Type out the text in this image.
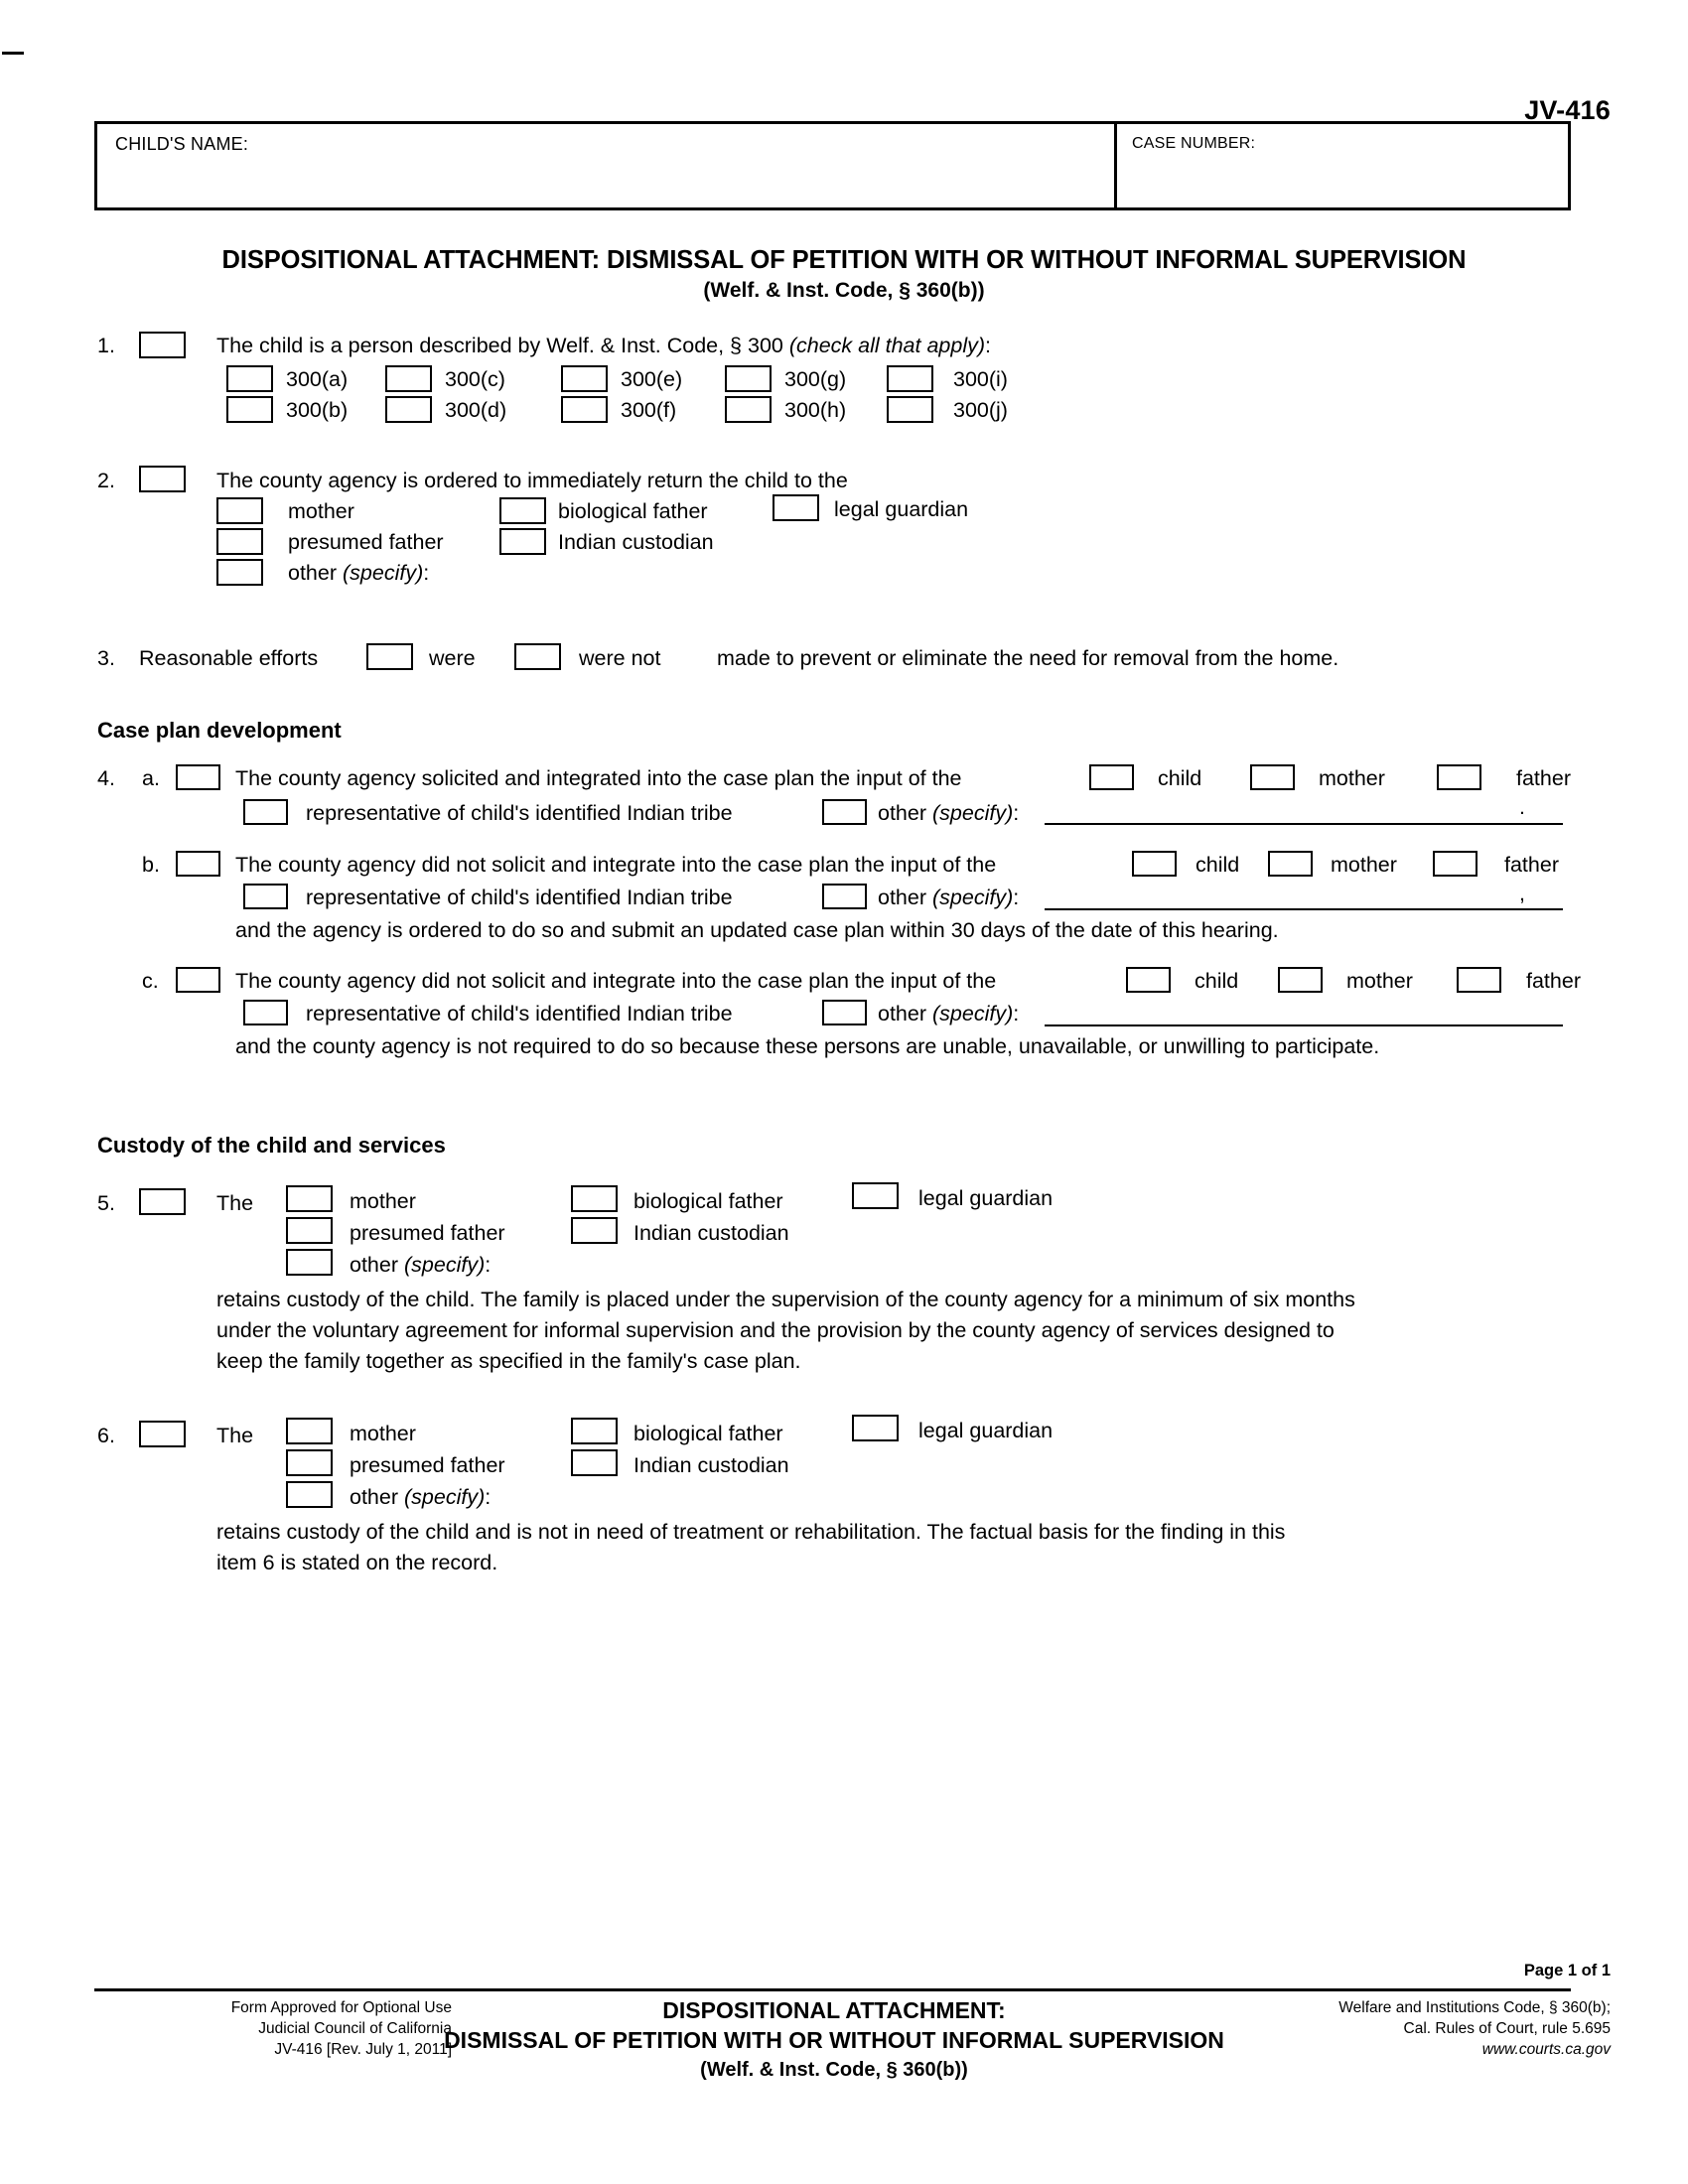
JV-416
CHILD'S NAME:	CASE NUMBER:
DISPOSITIONAL ATTACHMENT: DISMISSAL OF PETITION WITH OR WITHOUT INFORMAL SUPERVISION
(Welf. & Inst. Code, § 360(b))
1.	The child is a person described by Welf. & Inst. Code, § 300 (check all that apply):
300(a)	300(c)	300(e)	300(g)	300(i)
300(b)	300(d)	300(f)	300(h)	300(j)
2.	The county agency is ordered to immediately return the child to the
mother	biological father	legal guardian
presumed father	Indian custodian
other (specify):
3. Reasonable efforts	were	were not	made to prevent or eliminate the need for removal from the home.
Case plan development
4. a.	The county agency solicited and integrated into the case plan the input of the	child	mother	father
representative of child's identified Indian tribe	other (specify):	.
b.	The county agency did not solicit and integrate into the case plan the input of the	child	mother	father
representative of child's identified Indian tribe	other (specify):	,
and the agency is ordered to do so and submit an updated case plan within 30 days of the date of this hearing.
c.	The county agency did not solicit and integrate into the case plan the input of the	child	mother	father
representative of child's identified Indian tribe	other (specify):
and the county agency is not required to do so because these persons are unable, unavailable, or unwilling to participate.
Custody of the child and services
5.	The	mother	biological father	legal guardian
presumed father	Indian custodian
other (specify):
retains custody of the child. The family is placed under the supervision of the county agency for a minimum of six months
under the voluntary agreement for informal supervision and the provision by the county agency of services designed to
keep the family together as specified in the family's case plan.
6.	The	mother	biological father	legal guardian
presumed father	Indian custodian
other (specify):
retains custody of the child and is not in need of treatment or rehabilitation. The factual basis for the finding in this
item 6 is stated on the record.
Page 1 of 1
Form Approved for Optional Use
Judicial Council of California
JV-416 [Rev. July 1, 2011]
DISPOSITIONAL ATTACHMENT:
DISMISSAL OF PETITION WITH OR WITHOUT INFORMAL SUPERVISION
(Welf. & Inst. Code, § 360(b))
Welfare and Institutions Code, § 360(b);
Cal. Rules of Court, rule 5.695
www.courts.ca.gov
